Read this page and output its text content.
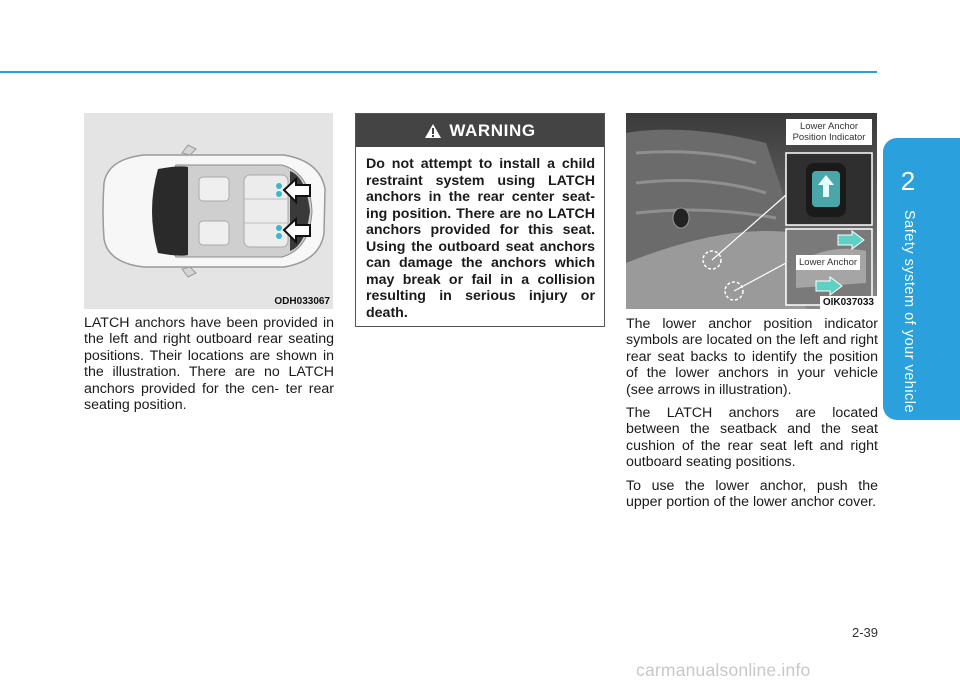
2
Safety system of your vehicle
ODH033067

LATCH anchors have been provided in the left and right outboard rear seating positions. Their locations are shown in the illustration. There are no LATCH anchors provided for the cen- ter rear seating position.

WARNING

Do not attempt to install a child restraint system using LATCH anchors in the rear center seat- ing position. There are no LATCH anchors provided for this seat. Using the outboard seat anchors can damage the anchors which may break or fail in a collision resulting in serious injury or death.

Lower Anchor Position Indicator
Lower Anchor
OIK037033

The lower anchor position indicator symbols are located on the left and right rear seat backs to identify the position of the lower anchors in your vehicle (see arrows in illustration).

The LATCH anchors are located between the seatback and the seat cushion of the rear seat left and right outboard seating positions.

To use the lower anchor, push the upper portion of the lower anchor cover.

2-39
carmanualsonline.info
